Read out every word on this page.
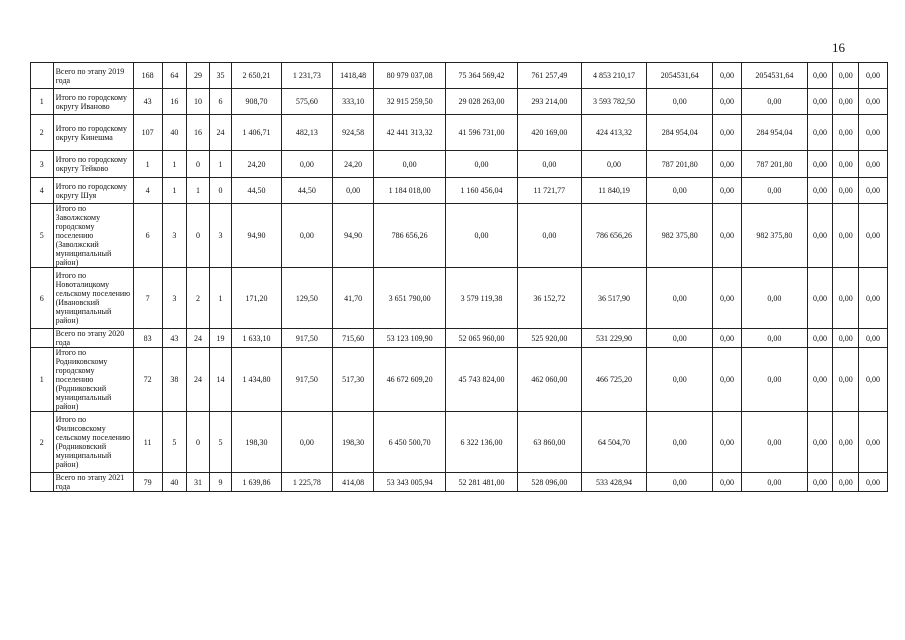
16
	Всего по этапу 2019 года	168	64	29	35	2 650,21	1 231,73	1418,48	80 979 037,08	75 364 569,42	761 257,49	4 853 210,17	2054531,64	0,00	2054531,64	0,00	0,00	0,00
1	Итого по городскому округу Иваново	43	16	10	6	908,70	575,60	333,10	32 915 259,50	29 028 263,00	293 214,00	3 593 782,50	0,00	0,00	0,00	0,00	0,00	0,00
2	Итого по городскому округу Кинешма	107	40	16	24	1 406,71	482,13	924,58	42 441 313,32	41 596 731,00	420 169,00	424 413,32	284 954,04	0,00	284 954,04	0,00	0,00	0,00
3	Итого по городскому округу Тейково	1	1	0	1	24,20	0,00	24,20	0,00	0,00	0,00	0,00	787 201,80	0,00	787 201,80	0,00	0,00	0,00
4	Итого по городскому округу Шуя	4	1	1	0	44,50	44,50	0,00	1 184 018,00	1 160 456,04	11 721,77	11 840,19	0,00	0,00	0,00	0,00	0,00	0,00
5	Итого по Заволжскому городскому поселению (Заволжский муниципальный район)	6	3	0	3	94,90	0,00	94,90	786 656,26	0,00	0,00	786 656,26	982 375,80	0,00	982 375,80	0,00	0,00	0,00
6	Итого по Новоталицкому сельскому поселению (Ивановский муниципальный район)	7	3	2	1	171,20	129,50	41,70	3 651 790,00	3 579 119,38	36 152,72	36 517,90	0,00	0,00	0,00	0,00	0,00	0,00
	Всего по этапу 2020 года	83	43	24	19	1 633,10	917,50	715,60	53 123 109,90	52 065 960,00	525 920,00	531 229,90	0,00	0,00	0,00	0,00	0,00	0,00
1	Итого по Родниковскому городскому поселению (Родниковский муниципальный район)	72	38	24	14	1 434,80	917,50	517,30	46 672 609,20	45 743 824,00	462 060,00	466 725,20	0,00	0,00	0,00	0,00	0,00	0,00
2	Итого по Филисовскому сельскому поселению (Родниковский муниципальный район)	11	5	0	5	198,30	0,00	198,30	6 450 500,70	6 322 136,00	63 860,00	64 504,70	0,00	0,00	0,00	0,00	0,00	0,00
	Всего по этапу 2021 года	79	40	31	9	1 639,86	1 225,78	414,08	53 343 005,94	52 281 481,00	528 096,00	533 428,94	0,00	0,00	0,00	0,00	0,00	0,00
